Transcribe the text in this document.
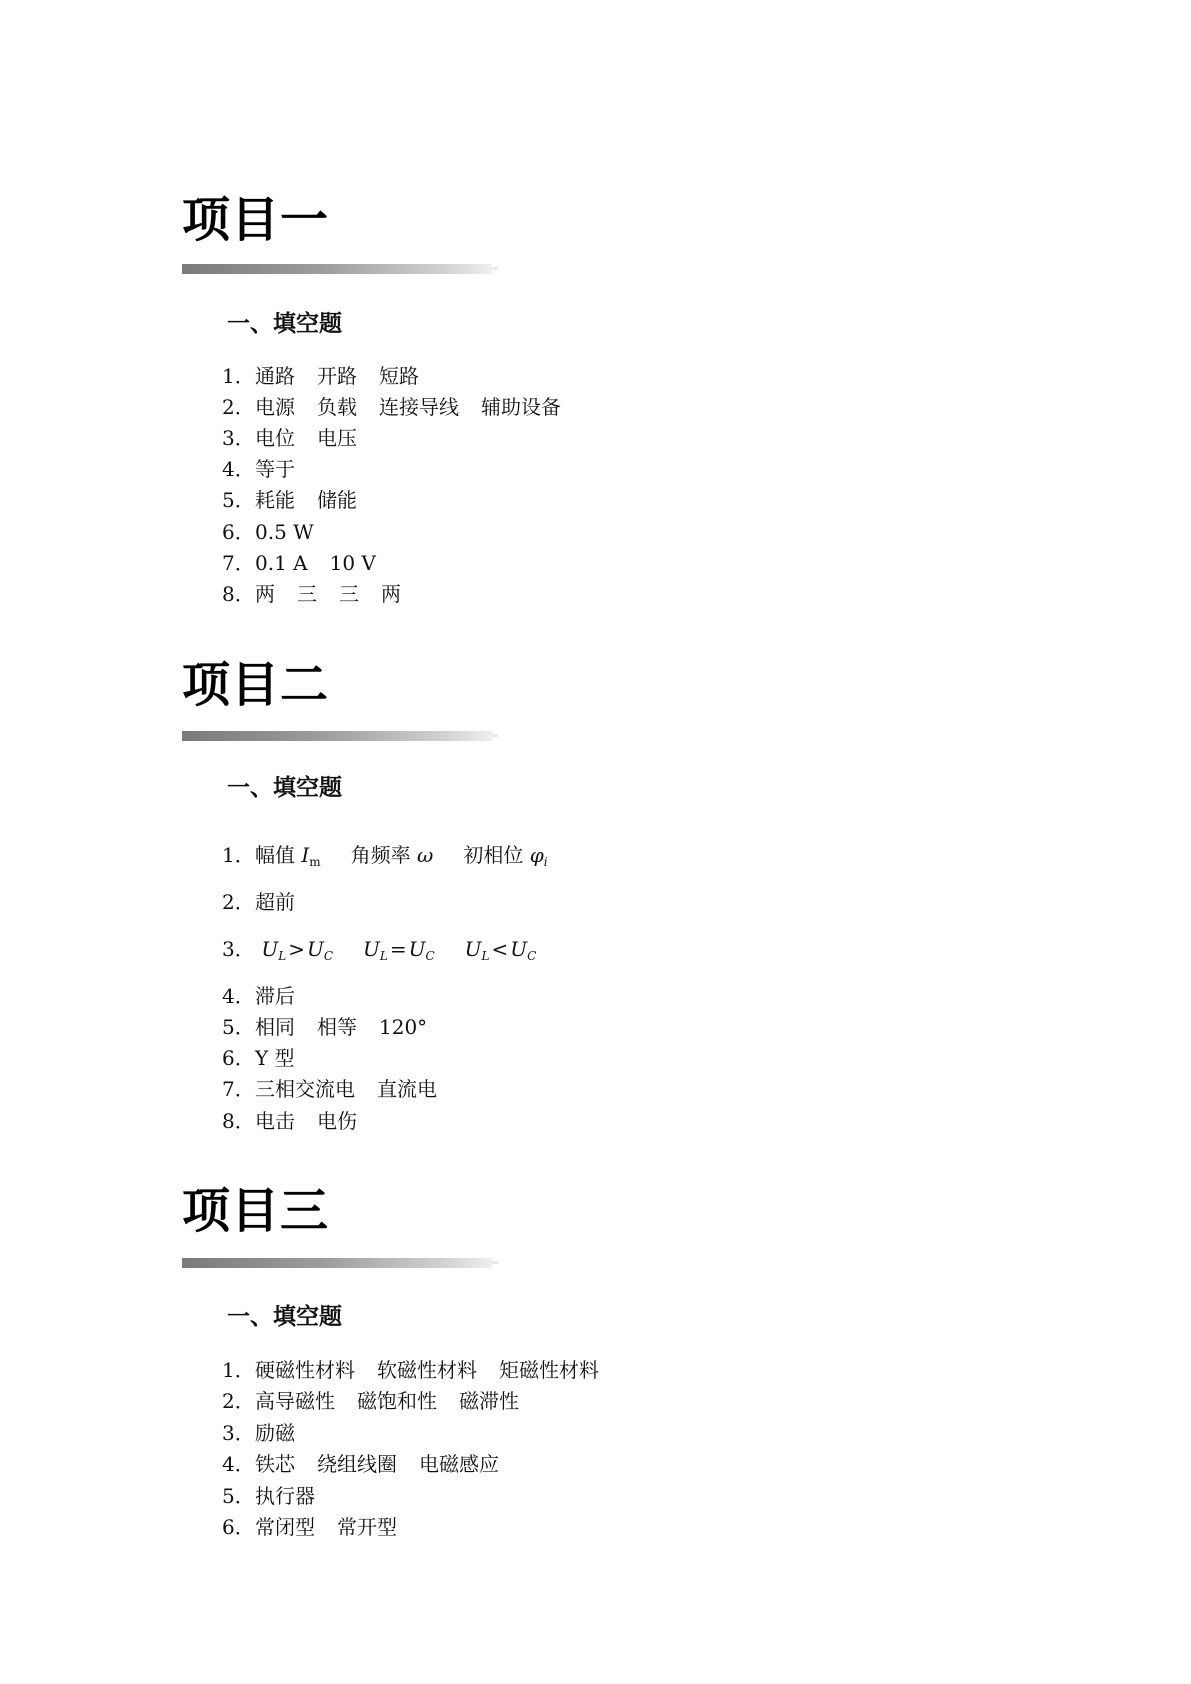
项目一
一、填空题

1．通路 开路 短路

2．电源 负载 连接导线 辅助设备

3．电位 电压

4．等于

5．耗能 储能

6．0.5 W

7．0.1 A 10 V

8．两 三 三 两

项目二
一、填空题

1．幅值 $I_m$ 角频率 ω 初相位 $\varphi_i$

2．超前

3． $U_L > U_C$ $U_L = U_C$ $U_L < U_C$

4．滞后

5．相同 相等 120°

6．Y 型

7．三相交流电 直流电

8．电击 电伤

项目三
一、填空题

1．硬磁性材料 软磁性材料 矩磁性材料

2．高导磁性 磁饱和性 磁滞性

3．励磁

4．铁芯 绕组线圈 电磁感应

5．执行器

6．常闭型 常开型
